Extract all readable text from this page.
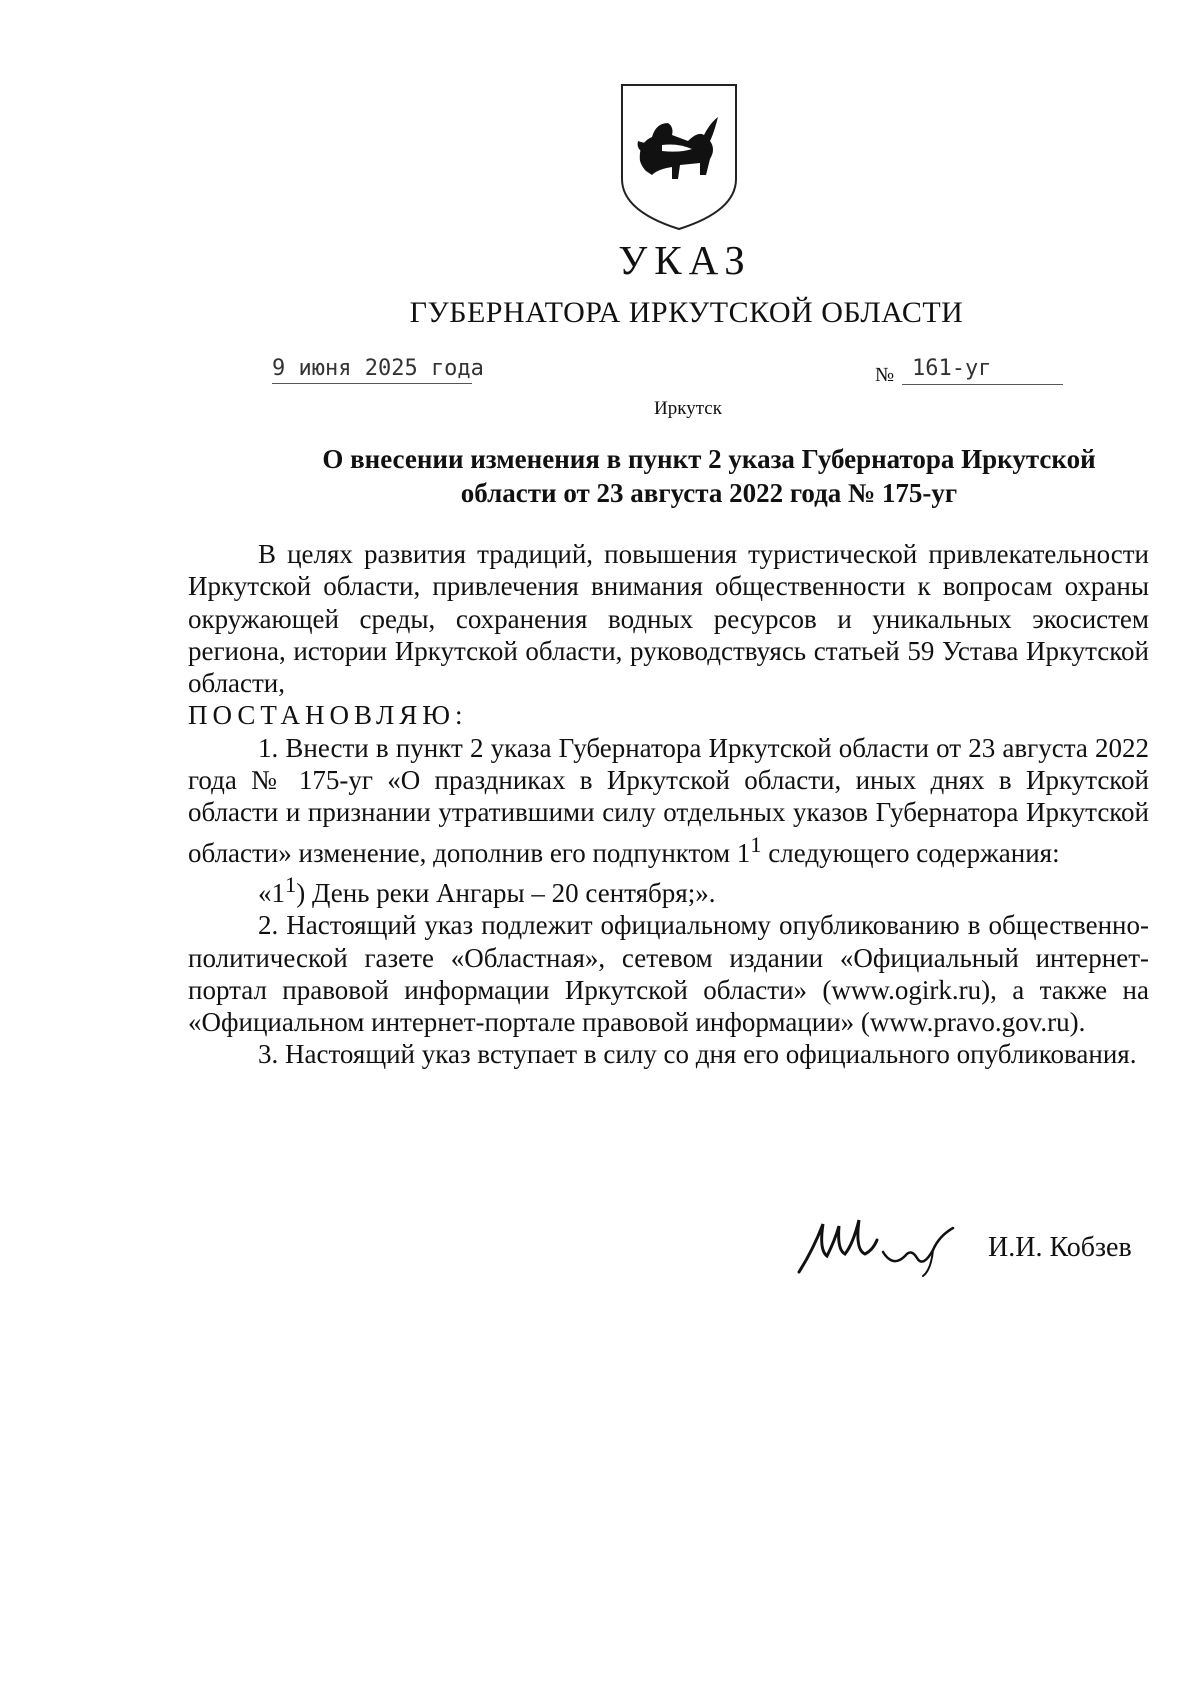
УКАЗ
ГУБЕРНАТОРА ИРКУТСКОЙ ОБЛАСТИ
9 июня 2025 года	№ 161-уг
Иркутск
О внесении изменения в пункт 2 указа Губернатора Иркутской области от 23 августа 2022 года № 175-уг

В целях развития традиций, повышения туристической привлекательности Иркутской области, привлечения внимания общественности к вопросам охраны окружающей среды, сохранения водных ресурсов и уникальных экосистем региона, истории Иркутской области, руководствуясь статьей 59 Устава Иркутской области,

ПОСТАНОВЛЯЮ:

1. Внести в пункт 2 указа Губернатора Иркутской области от 23 августа 2022 года № 175-уг «О праздниках в Иркутской области, иных днях в Иркутской области и признании утратившими силу отдельных указов Губернатора Иркутской области» изменение, дополнив его подпунктом $1^1$ следующего содержания:

«$1^1$) День реки Ангары – 20 сентября;».

2. Настоящий указ подлежит официальному опубликованию в общественно-политической газете «Областная», сетевом издании «Официальный интернет-портал правовой информации Иркутской области» (www.ogirk.ru), а также на «Официальном интернет-портале правовой информации» (www.pravo.gov.ru).

3. Настоящий указ вступает в силу со дня его официального опубликования.

И.И. Кобзев
